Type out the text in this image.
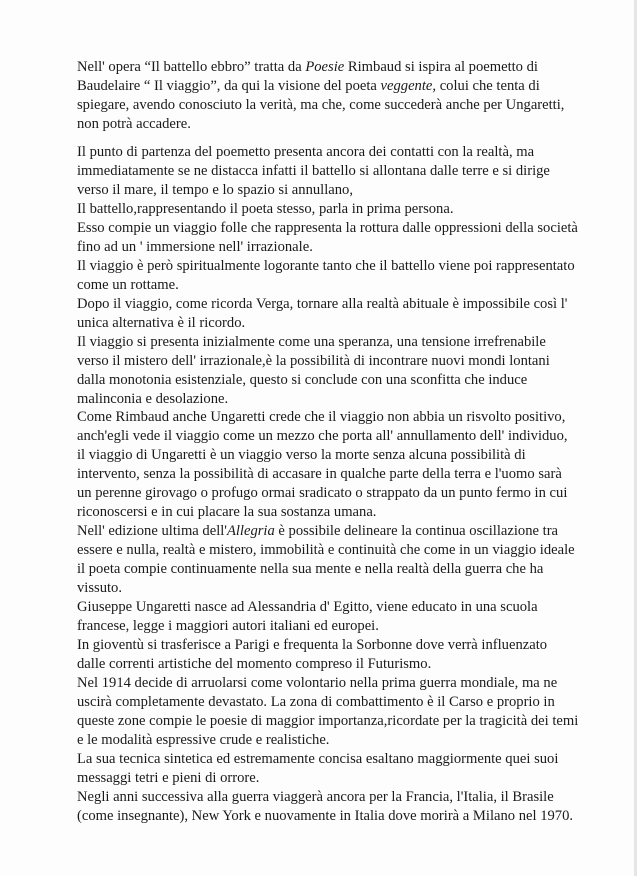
Nell' opera “Il battello ebbro” tratta da Poesie Rimbaud si ispira al poemetto di
Baudelaire “ Il viaggio”, da qui la visione del poeta veggente, colui che tenta di
spiegare, avendo conosciuto la verità, ma che, come succederà anche per Ungaretti,
non potrà accadere.
Il punto di partenza del poemetto presenta ancora dei contatti con la realtà, ma
immediatamente se ne distacca infatti il battello si allontana dalle terre e si dirige
verso il mare, il tempo e lo spazio si annullano,
Il battello,rappresentando il poeta stesso, parla in prima persona.
Esso compie un viaggio folle che rappresenta la rottura dalle oppressioni della società
fino ad un ' immersione nell' irrazionale.
Il viaggio è però spiritualmente logorante tanto che il battello viene poi rappresentato
come un rottame.
Dopo il viaggio, come ricorda Verga, tornare alla realtà abituale è impossibile così l'
unica alternativa è il ricordo.
Il viaggio si presenta inizialmente come una speranza, una tensione irrefrenabile
verso il mistero dell' irrazionale,è la possibilità di incontrare nuovi mondi lontani
dalla monotonia esistenziale, questo si conclude con una sconfitta che induce
malinconia e desolazione.
Come Rimbaud anche Ungaretti crede che il viaggio non abbia un risvolto positivo,
anch'egli vede il viaggio come un mezzo che porta all' annullamento dell' individuo,
il viaggio di Ungaretti è un viaggio verso la morte senza alcuna possibilità di
intervento, senza la possibilità di accasare in qualche parte della terra e l'uomo sarà
un perenne girovago o profugo ormai sradicato o strappato da un punto fermo in cui
riconoscersi e in cui placare la sua sostanza umana.
Nell' edizione ultima dell'Allegria è possibile delineare la continua oscillazione tra
essere e nulla, realtà e mistero, immobilità e continuità che come in un viaggio ideale
il poeta compie continuamente nella sua mente e nella realtà della guerra che ha
vissuto.
Giuseppe Ungaretti nasce ad Alessandria d' Egitto, viene educato in una scuola
francese, legge i maggiori autori italiani ed europei.
In gioventù si trasferisce a Parigi e frequenta la Sorbonne dove verrà influenzato
dalle correnti artistiche del momento compreso il Futurismo.
Nel 1914 decide di arruolarsi come volontario nella prima guerra mondiale, ma ne
uscirà completamente devastato. La zona di combattimento è il Carso e proprio in
queste zone compie le poesie di maggior importanza,ricordate per la tragicità dei temi
e le modalità espressive crude e realistiche.
La sua tecnica sintetica ed estremamente concisa esaltano maggiormente quei suoi
messaggi tetri e pieni di orrore.
Negli anni successiva alla guerra viaggerà ancora per la Francia, l'Italia, il Brasile
(come insegnante), New York e nuovamente in Italia dove morirà a Milano nel 1970.
